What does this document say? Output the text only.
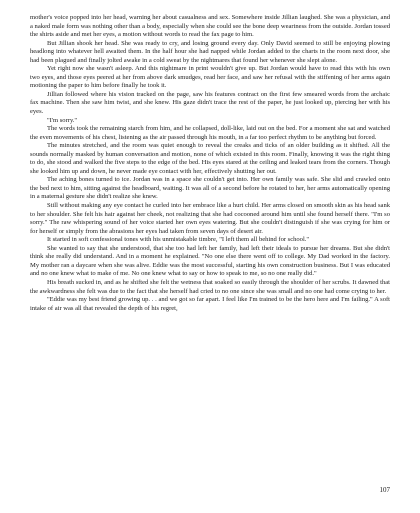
mother's voice popped into her head, warning her about casualness and sex. Somewhere inside Jillian laughed. She was a physician, and a naked male form was nothing other than a body, especially when she could see the bone deep weariness from the outside. Jordan tossed the shirts aside and met her eyes, a motion without words to read the fax page to him.

But Jillian shook her head. She was ready to cry, and losing ground every day. Only David seemed to still be enjoying plowing headlong into whatever hell awaited them. In the half hour she had napped while Jordan added to the charts in the room next door, she had been plagued and finally jolted awake in a cold sweat by the nightmares that found her whenever she slept alone.

Yet right now she wasn't asleep. And this nightmare in print wouldn't give up. But Jordan would have to read this with his own two eyes, and those eyes peered at her from above dark smudges, read her face, and saw her refusal with the stiffening of her arms again motioning the paper to him before finally he took it.

Jillian followed where his vision tracked on the page, saw his features contract on the first few smeared words from the archaic fax machine. Then she saw him twist, and she knew. His gaze didn't trace the rest of the paper, he just looked up, piercing her with his eyes.

"I'm sorry."

The words took the remaining starch from him, and he collapsed, doll-like, laid out on the bed. For a moment she sat and watched the even movements of his chest, listening as the air passed through his mouth, in a far too perfect rhythm to be anything but forced.

The minutes stretched, and the room was quiet enough to reveal the creaks and ticks of an older building as it shifted. All the sounds normally masked by human conversation and motion, none of which existed in this room. Finally, knowing it was the right thing to do, she stood and walked the five steps to the edge of the bed. His eyes stared at the ceiling and leaked tears from the corners. Though she looked him up and down, he never made eye contact with her, effectively shutting her out.

The aching bones turned to ice. Jordan was in a space she couldn't get into. Her own family was safe. She slid and crawled onto the bed next to him, sitting against the headboard, waiting. It was all of a second before he rotated to her, her arms automatically opening in a maternal gesture she didn't realize she knew.

Still without making any eye contact he curled into her embrace like a hurt child. Her arms closed on smooth skin as his head sank to her shoulder. She felt his hair against her cheek, not realizing that she had cocooned around him until she found herself there. "I'm so sorry." The raw whispering sound of her voice started her own eyes watering. But she couldn't distinguish if she was crying for him or for herself or simply from the abrasions her eyes had taken from seven days of desert air.

It started in soft confessional tones with his unmistakable timbre, "I left them all behind for school."

She wanted to say that she understood, that she too had left her family, had left their ideals to pursue her dreams. But she didn't think she really did understand. And in a moment he explained. "No one else there went off to college. My Dad worked in the factory. My mother ran a daycare when she was alive. Eddie was the most successful, starting his own construction business. But I was educated and no one knew what to make of me. No one knew what to say or how to speak to me, so no one really did."

His breath sucked in, and as he shifted she felt the wetness that soaked so easily through the shoulder of her scrubs. It dawned that the awkwardness she felt was due to the fact that she herself had cried to no one since she was small and no one had come crying to her.

"Eddie was my best friend growing up. . . and we got so far apart. I feel like I'm trained to be the hero here and I'm failing." A soft intake of air was all that revealed the depth of his regret,

107
